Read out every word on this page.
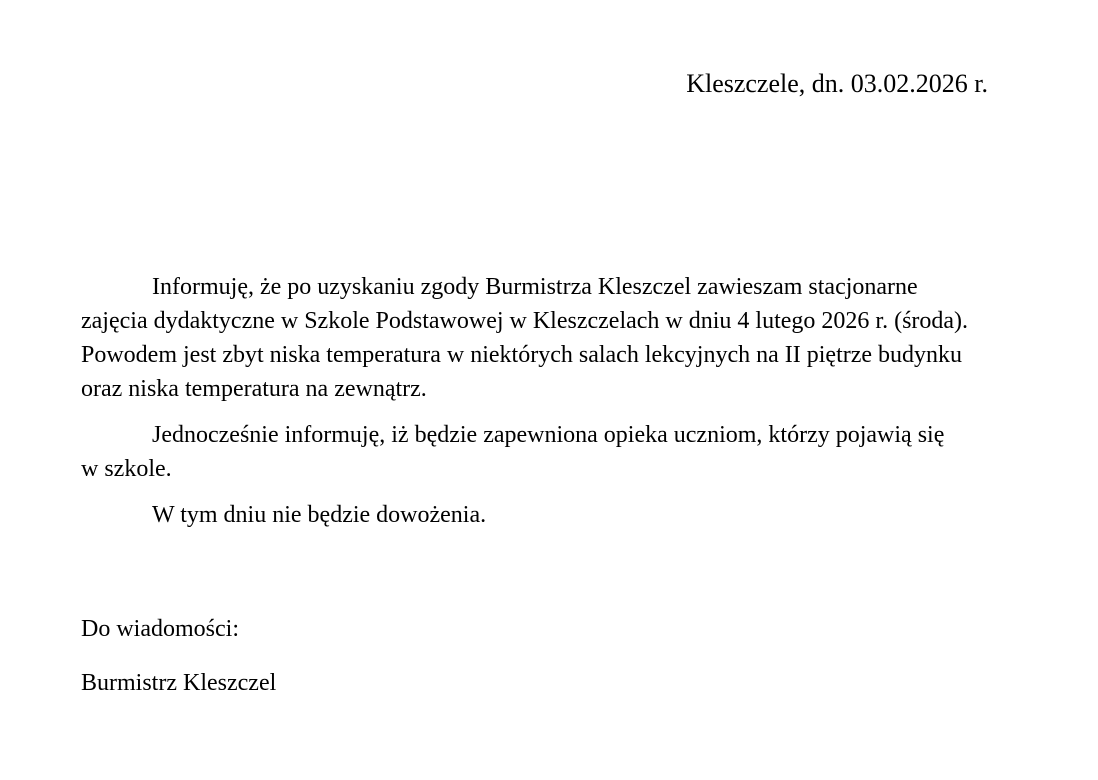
Kleszczele, dn. 03.02.2026 r.

Informuję, że po uzyskaniu zgody Burmistrza Kleszczel zawieszam stacjonarne zajęcia dydaktyczne w Szkole Podstawowej w Kleszczelach w dniu 4 lutego 2026 r. (środa). Powodem jest zbyt niska temperatura w niektórych salach lekcyjnych na II piętrze budynku oraz niska temperatura na zewnątrz.

Jednocześnie informuję, iż będzie zapewniona opieka uczniom, którzy pojawią się w szkole.

W tym dniu nie będzie dowożenia.

Do wiadomości:

Burmistrz Kleszczel
